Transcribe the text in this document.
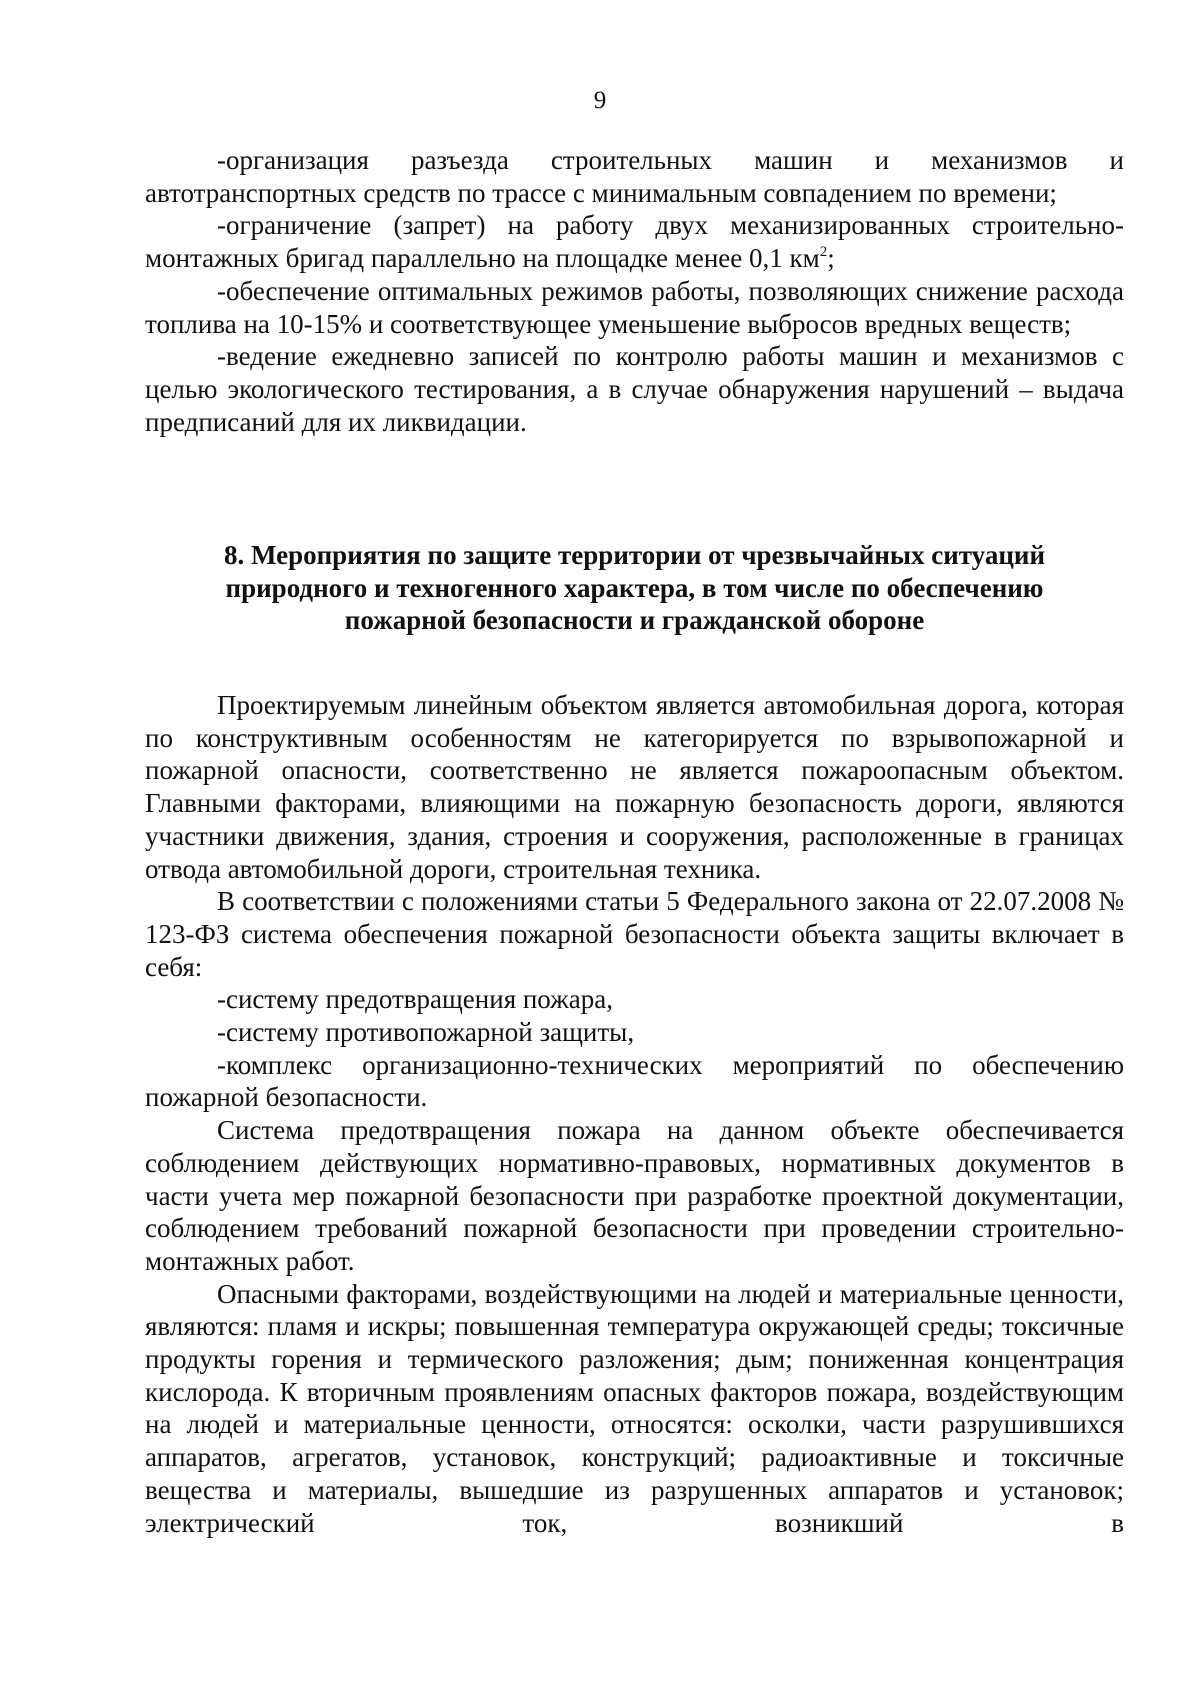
9

-организация разъезда строительных машин и механизмов и автотранспортных средств по трассе с минимальным совпадением по времени;

-ограничение (запрет) на работу двух механизированных строительно-монтажных бригад параллельно на площадке менее 0,1 $км^2$;

-обеспечение оптимальных режимов работы, позволяющих снижение расхода топлива на 10-15% и соответствующее уменьшение выбросов вредных веществ;

-ведение ежедневно записей по контролю работы машин и механизмов с целью экологического тестирования, а в случае обнаружения нарушений – выдача предписаний для их ликвидации.

8. Мероприятия по защите территории от чрезвычайных ситуаций
природного и техногенного характера, в том числе по обеспечению
пожарной безопасности и гражданской обороне

Проектируемым линейным объектом является автомобильная дорога, которая по конструктивным особенностям не категорируется по взрывопожарной и пожарной опасности, соответственно не является пожароопасным объектом. Главными факторами, влияющими на пожарную безопасность дороги, являются участники движения, здания, строения и сооружения, расположенные в границах отвода автомобильной дороги, строительная техника.

В соответствии с положениями статьи 5 Федерального закона от 22.07.2008 № 123-ФЗ система обеспечения пожарной безопасности объекта защиты включает в себя:

-систему предотвращения пожара,

-систему противопожарной защиты,

-комплекс организационно-технических мероприятий по обеспечению пожарной безопасности.

Система предотвращения пожара на данном объекте обеспечивается соблюдением действующих нормативно-правовых, нормативных документов в части учета мер пожарной безопасности при разработке проектной документации, соблюдением требований пожарной безопасности при проведении строительно-монтажных работ.

Опасными факторами, воздействующими на людей и материальные ценности, являются: пламя и искры; повышенная температура окружающей среды; токсичные продукты горения и термического разложения; дым; пониженная концентрация кислорода. К вторичным проявлениям опасных факторов пожара, воздействующим на людей и материальные ценности, относятся: осколки, части разрушившихся аппаратов, агрегатов, установок, конструкций; радиоактивные и токсичные вещества и материалы, вышедшие из разрушенных аппаратов и установок; электрический ток, возникший в
